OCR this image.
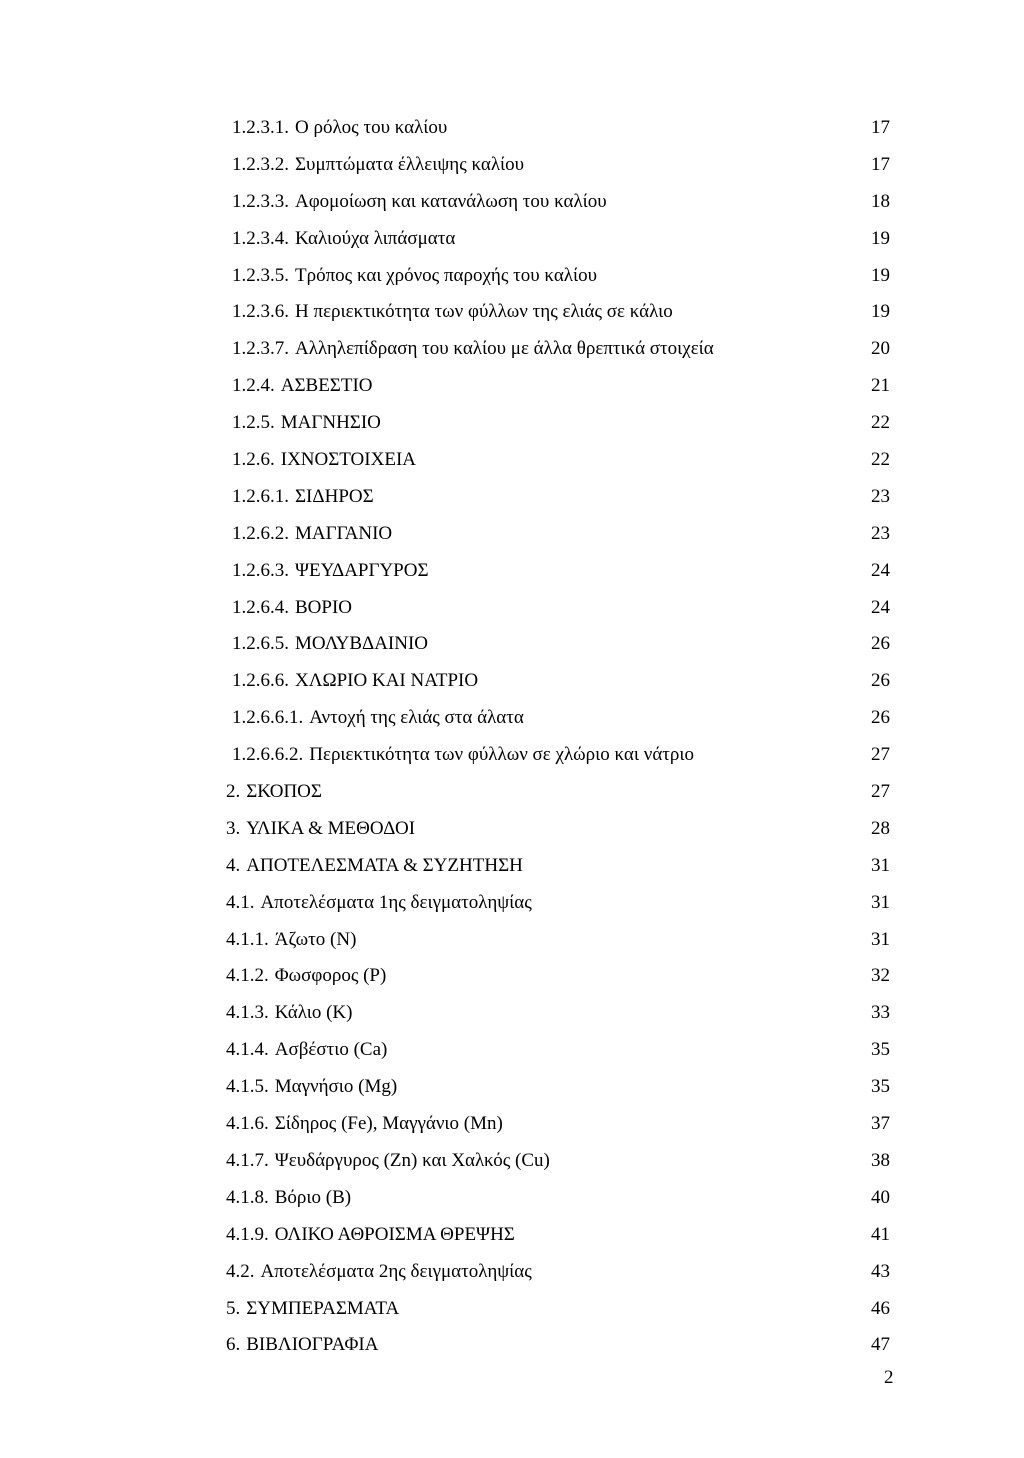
1.2.3.1. Ο ρόλος του καλίου	17
1.2.3.2. Συμπτώματα έλλειψης καλίου	17
1.2.3.3. Αφομοίωση και κατανάλωση του καλίου	18
1.2.3.4. Καλιούχα λιπάσματα	19
1.2.3.5. Τρόπος και χρόνος παροχής του καλίου	19
1.2.3.6. Η περιεκτικότητα των φύλλων της ελιάς σε κάλιο	19
1.2.3.7. Αλληλεπίδραση του καλίου με άλλα θρεπτικά στοιχεία	20
1.2.4. ΑΣΒΕΣΤΙΟ	21
1.2.5. ΜΑΓΝΗΣΙΟ	22
1.2.6. ΙΧΝΟΣΤΟΙΧΕΙΑ	22
1.2.6.1. ΣΙΔΗΡΟΣ	23
1.2.6.2. ΜΑΓΓΑΝΙΟ	23
1.2.6.3. ΨΕΥΔΑΡΓΥΡΟΣ	24
1.2.6.4. ΒΟΡΙΟ	24
1.2.6.5. ΜΟΛΥΒΔΑΙΝΙΟ	26
1.2.6.6. ΧΛΩΡΙΟ ΚΑΙ ΝΑΤΡΙΟ	26
1.2.6.6.1. Αντοχή της ελιάς στα άλατα	26
1.2.6.6.2. Περιεκτικότητα των φύλλων σε χλώριο και νάτριο	27
2. ΣΚΟΠΟΣ	27
3. ΥΛΙΚΑ & ΜΕΘΟΔΟΙ	28
4. ΑΠΟΤΕΛΕΣΜΑΤΑ & ΣΥΖΗΤΗΣΗ	31
4.1. Αποτελέσματα 1ης δειγματοληψίας	31
4.1.1. Άζωτο (Ν)	31
4.1.2. Φωσφορος (Ρ)	32
4.1.3. Κάλιο (Κ)	33
4.1.4. Ασβέστιο (Ca)	35
4.1.5. Μαγνήσιο (Mg)	35
4.1.6. Σίδηρος (Fe), Μαγγάνιο (Mn)	37
4.1.7. Ψευδάργυρος (Zn) και Χαλκός (Cu)	38
4.1.8. Βόριο (Β)	40
4.1.9. ΟΛΙΚΟ ΑΘΡΟΙΣΜΑ ΘΡΕΨΗΣ	41
4.2. Αποτελέσματα 2ης δειγματοληψίας	43
5. ΣΥΜΠΕΡΑΣΜΑΤΑ	46
6. ΒΙΒΛΙΟΓΡΑΦΙΑ	47
2
